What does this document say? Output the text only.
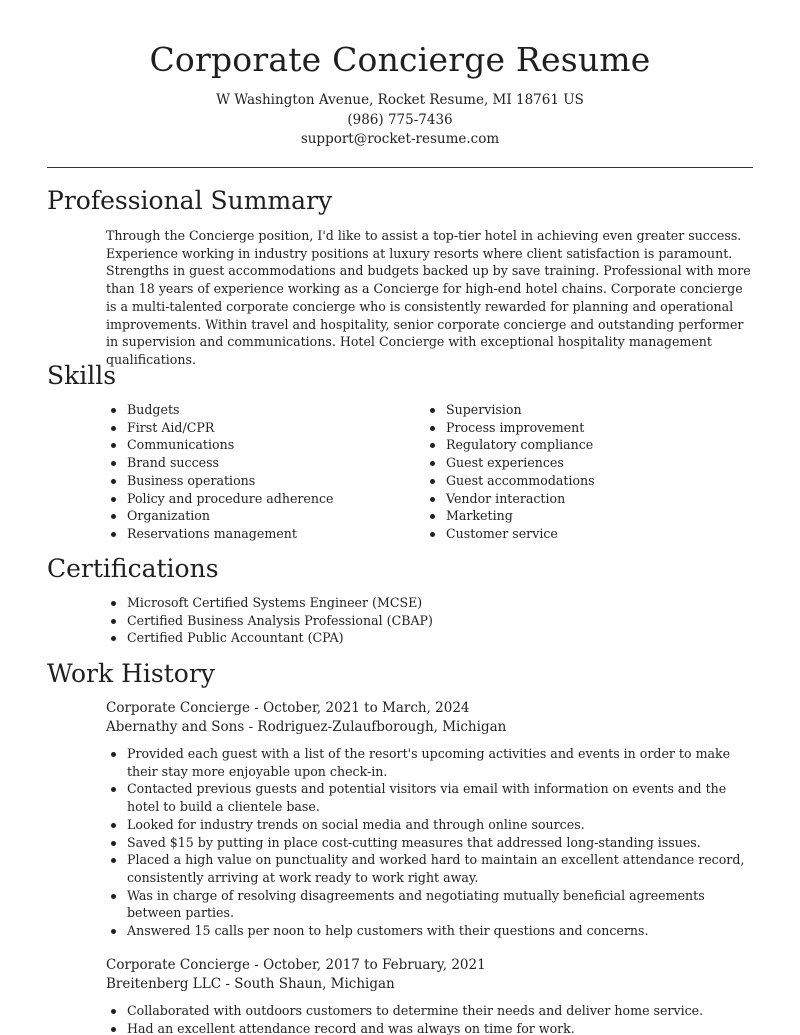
Corporate Concierge Resume

W Washington Avenue, Rocket Resume, MI 18761 US

(986) 775-7436

support@rocket-resume.com

Professional Summary

Through the Concierge position, I'd like to assist a top-tier hotel in achieving even greater success. Experience working in industry positions at luxury resorts where client satisfaction is paramount. Strengths in guest accommodations and budgets backed up by save training. Professional with more than 18 years of experience working as a Concierge for high-end hotel chains. Corporate concierge is a multi-talented corporate concierge who is consistently rewarded for planning and operational improvements. Within travel and hospitality, senior corporate concierge and outstanding performer in supervision and communications. Hotel Concierge with exceptional hospitality management qualifications.

Skills
Budgets
First Aid/CPR
Communications
Brand success
Business operations
Policy and procedure adherence
Organization
Reservations management
Supervision
Process improvement
Regulatory compliance
Guest experiences
Guest accommodations
Vendor interaction
Marketing
Customer service
Certifications
Microsoft Certified Systems Engineer (MCSE)
Certified Business Analysis Professional (CBAP)
Certified Public Accountant (CPA)
Work History
Corporate Concierge - October, 2021 to March, 2024
Abernathy and Sons - Rodriguez-Zulaufborough, Michigan
Provided each guest with a list of the resort's upcoming activities and events in order to make their stay more enjoyable upon check-in.
Contacted previous guests and potential visitors via email with information on events and the hotel to build a clientele base.
Looked for industry trends on social media and through online sources.
Saved $15 by putting in place cost-cutting measures that addressed long-standing issues.
Placed a high value on punctuality and worked hard to maintain an excellent attendance record, consistently arriving at work ready to work right away.
Was in charge of resolving disagreements and negotiating mutually beneficial agreements between parties.
Answered 15 calls per noon to help customers with their questions and concerns.
Corporate Concierge - October, 2017 to February, 2021
Breitenberg LLC - South Shaun, Michigan
Collaborated with outdoors customers to determine their needs and deliver home service.
Had an excellent attendance record and was always on time for work.
